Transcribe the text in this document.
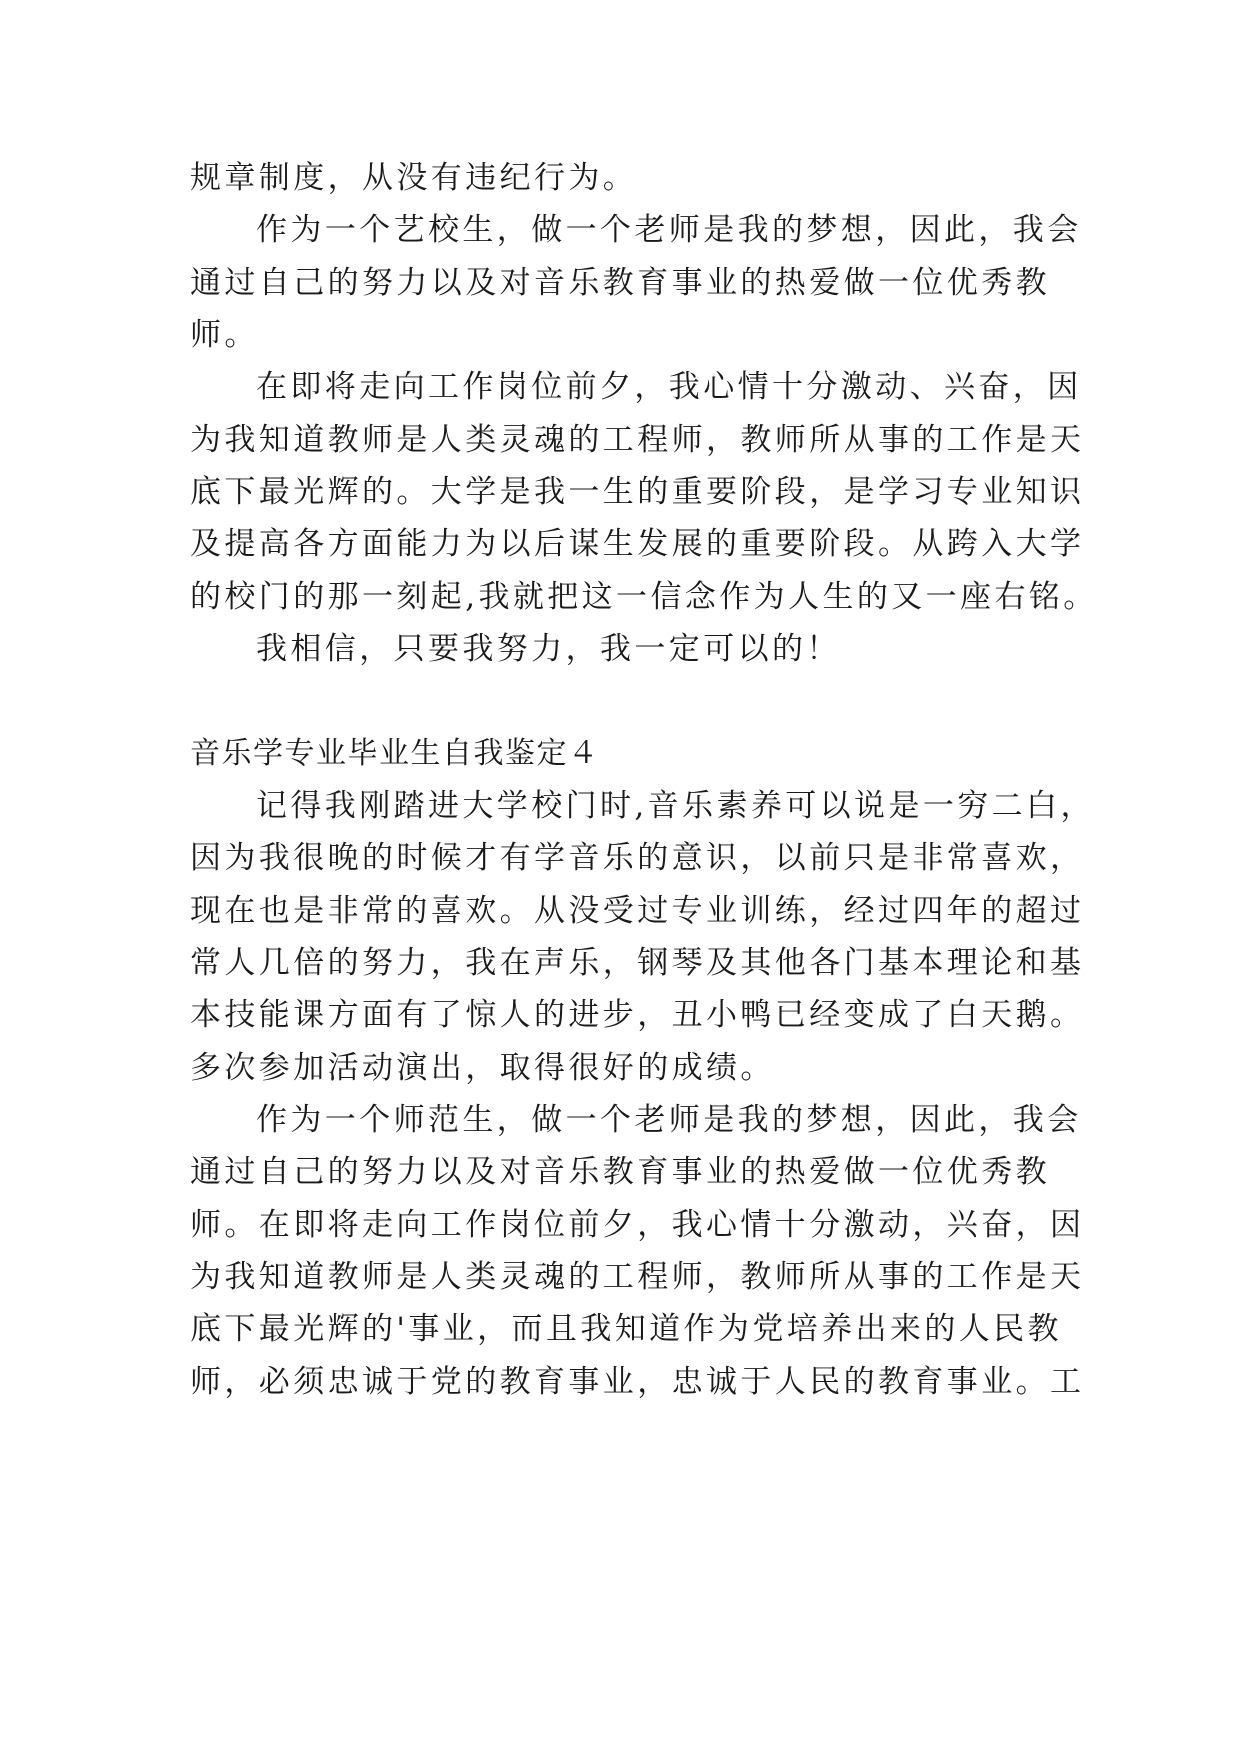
规章制度，从没有违纪行为。
作为一个艺校生，做一个老师是我的梦想，因此，我会
通过自己的努力以及对音乐教育事业的热爱做一位优秀教
师。
在即将走向工作岗位前夕，我心情十分激动、兴奋，因
为我知道教师是人类灵魂的工程师，教师所从事的工作是天
底下最光辉的。大学是我一生的重要阶段，是学习专业知识
及提高各方面能力为以后谋生发展的重要阶段。从跨入大学
的校门的那一刻起,我就把这一信念作为人生的又一座右铭。
我相信，只要我努力，我一定可以的！
音乐学专业毕业生自我鉴定４
记得我刚踏进大学校门时,音乐素养可以说是一穷二白，
因为我很晚的时候才有学音乐的意识，以前只是非常喜欢，
现在也是非常的喜欢。从没受过专业训练，经过四年的超过
常人几倍的努力，我在声乐，钢琴及其他各门基本理论和基
本技能课方面有了惊人的进步，丑小鸭已经变成了白天鹅。
多次参加活动演出，取得很好的成绩。
作为一个师范生，做一个老师是我的梦想，因此，我会
通过自己的努力以及对音乐教育事业的热爱做一位优秀教
师。在即将走向工作岗位前夕，我心情十分激动，兴奋，因
为我知道教师是人类灵魂的工程师，教师所从事的工作是天
底下最光辉的'事业，而且我知道作为党培养出来的人民教
师，必须忠诚于党的教育事业，忠诚于人民的教育事业。工
